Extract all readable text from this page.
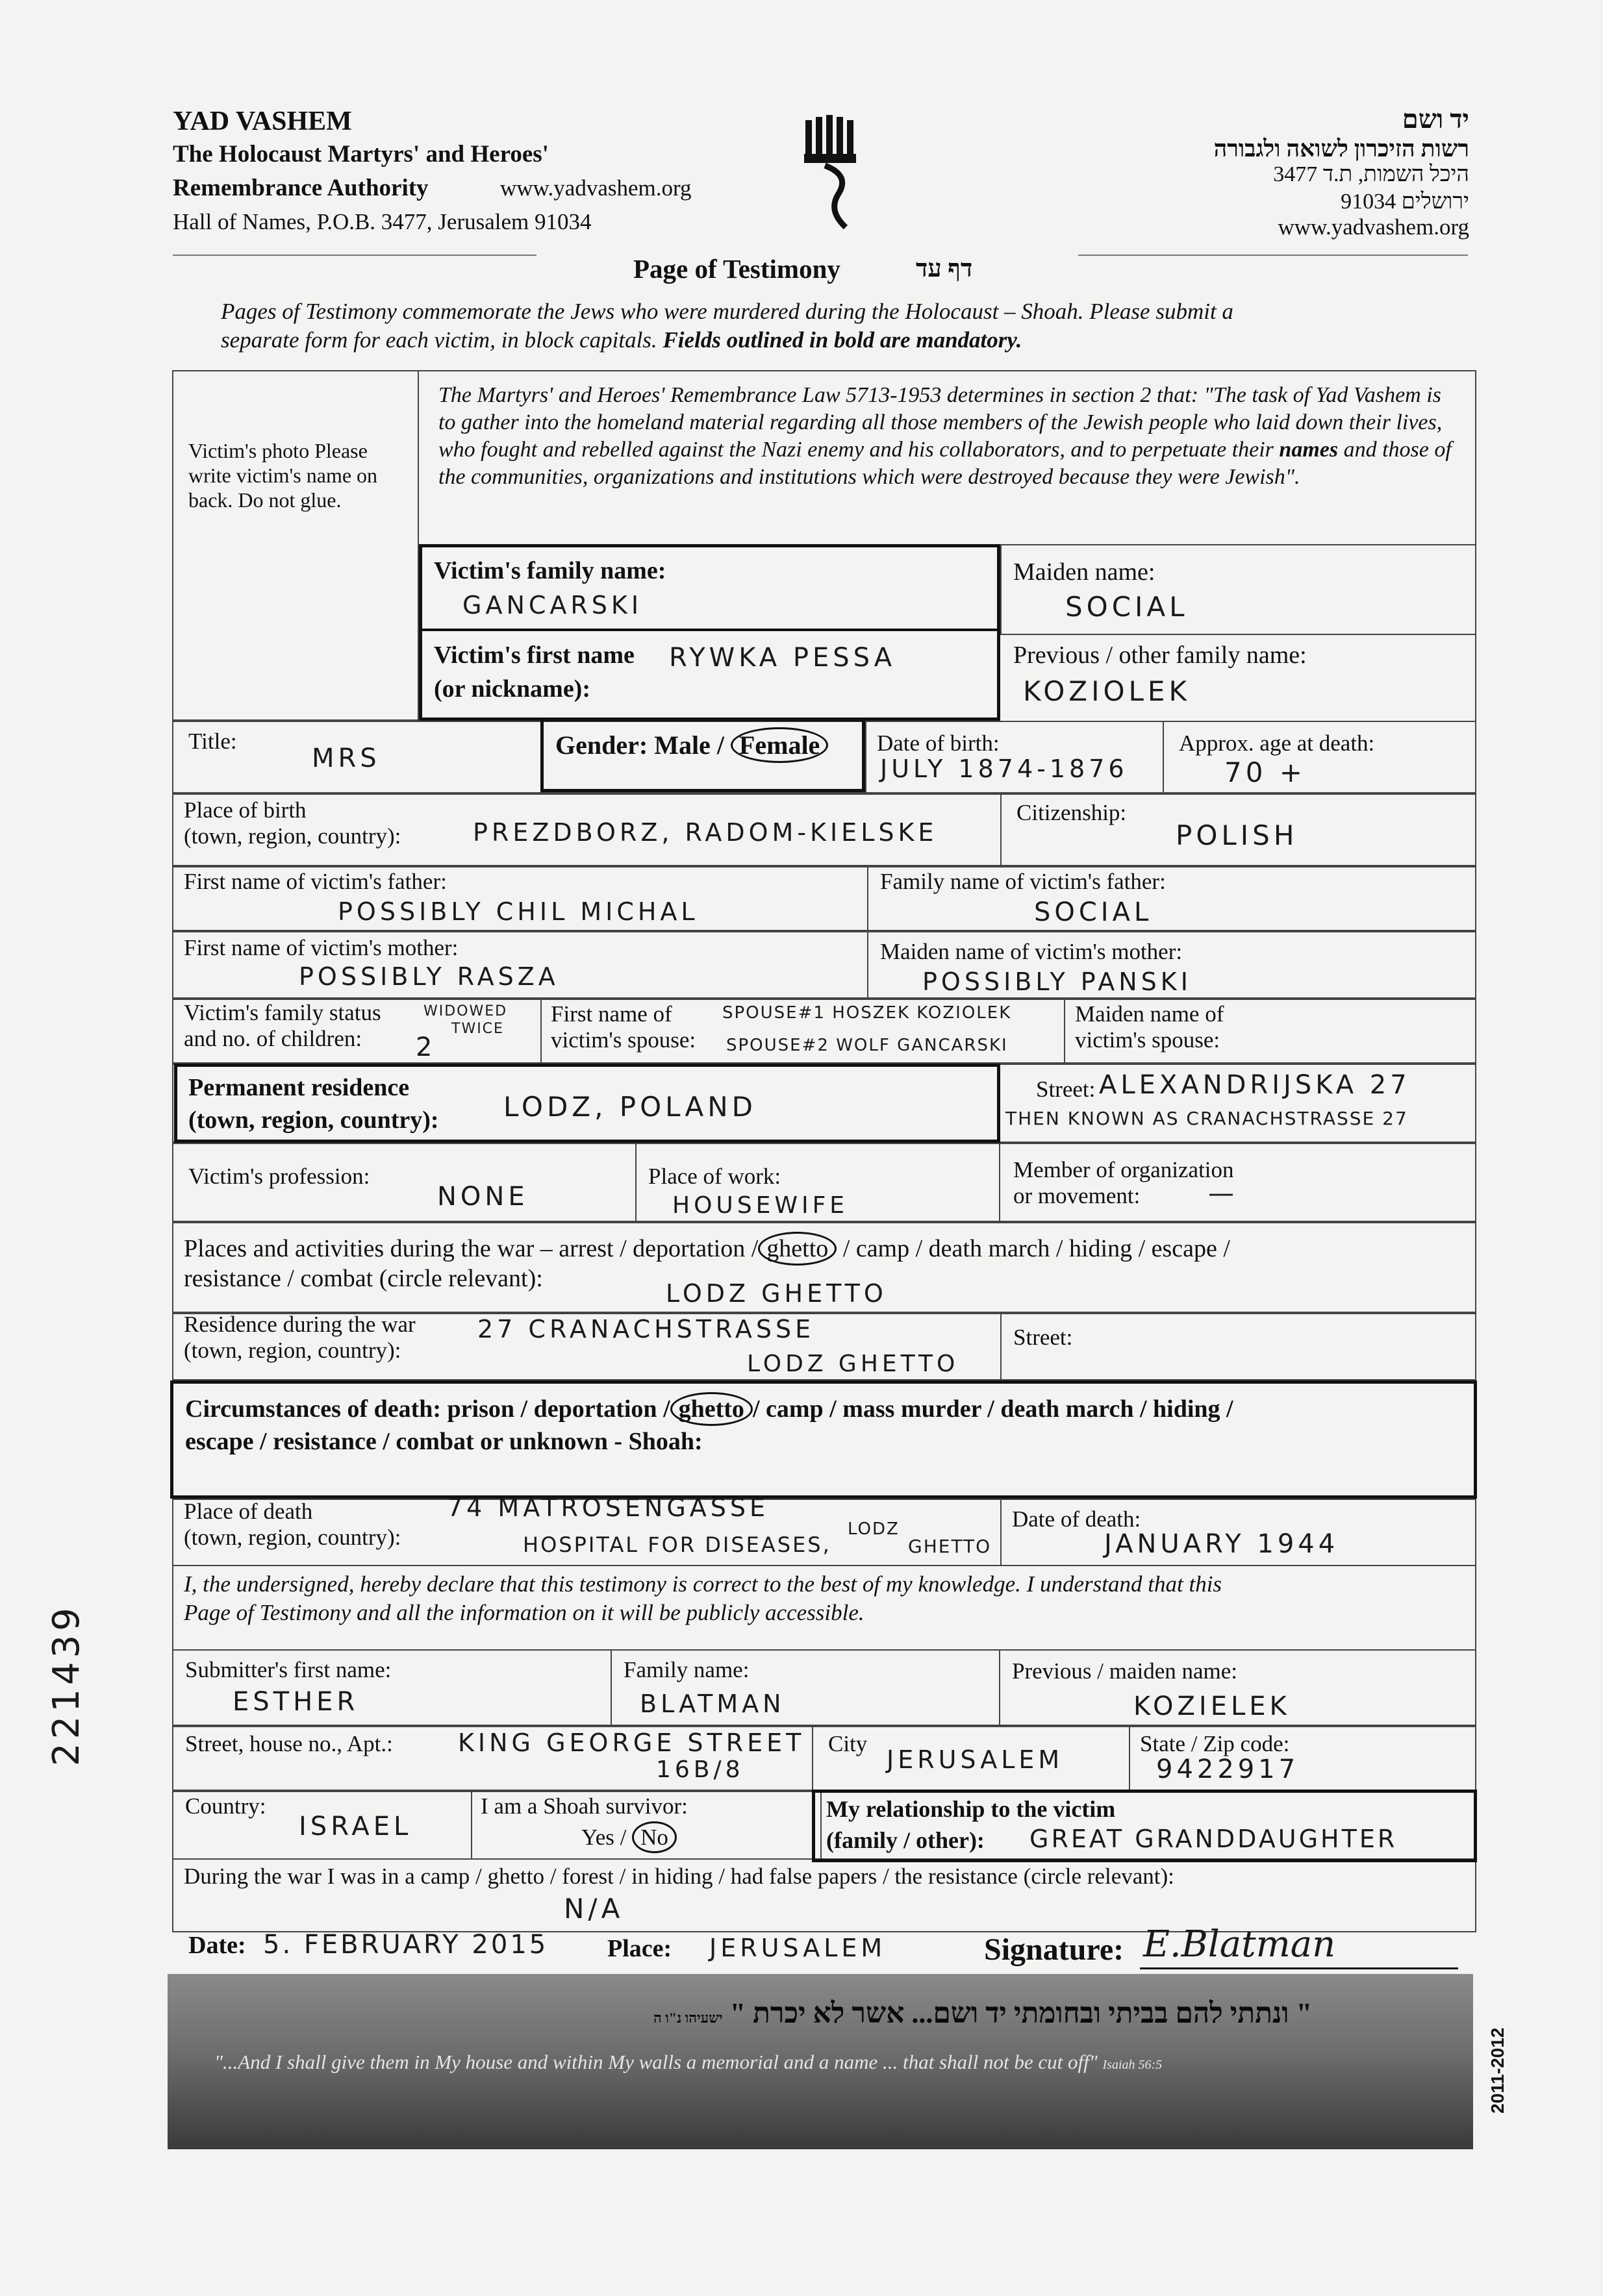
YAD VASHEM
The Holocaust Martyrs' and Heroes'
Remembrance Authority	www.yadvashem.org
Hall of Names, P.O.B. 3477, Jerusalem 91034
יד ושם
רשות הזיכרון לשואה ולגבורה
היכל השמות, ת.ד 3477
ירושלים 91034
www.yadvashem.org
Page of Testimony	דף עד
Pages of Testimony commemorate the Jews who were murdered during the Holocaust – Shoah. Please submit a
separate form for each victim, in block capitals. Fields outlined in bold are mandatory.
Victim's photo Please write victim's name on back. Do not glue.
The Martyrs' and Heroes' Remembrance Law 5713-1953 determines in section 2 that: "The task of Yad Vashem is to gather into the homeland material regarding all those members of the Jewish people who laid down their lives, who fought and rebelled against the Nazi enemy and his collaborators, and to perpetuate their names and those of the communities, organizations and institutions which were destroyed because they were Jewish".
Victim's family name:
GANCARSKI
Victim's first name
(or nickname):
RYWKA PESSA
Maiden name:
SOCIAL
Previous / other family name:
KOZIOLEK
Title:
MRS	Gender: Male / Female	Date of birth:
JULY 1874-1876
Approx. age at death:
70 +
Place of birth
(town, region, country):	PREZDBORZ, RADOM-KIELSKE
Citizenship:
POLISH
First name of victim's father:
POSSIBLY CHIL MICHAL
Family name of victim's father:
SOCIAL
First name of victim's mother:
POSSIBLY RASZA
Maiden name of victim's mother:
POSSIBLY PANSKI
Victim's family status
and no. of children:
WIDOWED
TWICE
2
First name of
victim's spouse:
SPOUSE#1 HOSZEK KOZIOLEK
SPOUSE#2 WOLF GANCARSKI
Maiden name of
victim's spouse:
Permanent residence
(town, region, country): LODZ, POLAND
Street: ALEXANDRIJSKA 27
THEN KNOWN AS CRANACHSTRASSE 27
Victim's profession:
NONE
Place of work:
HOUSEWIFE
Member of organization
or movement:	—
Places and activities during the war – arrest / deportation / ghetto / camp / death march / hiding / escape /
resistance / combat (circle relevant):
LODZ GHETTO
Residence during the war
(town, region, country):
27 CRANACHSTRASSE
LODZ GHETTO
Street:
Circumstances of death: prison / deportation / ghetto / camp / mass murder / death march / hiding /
escape / resistance / combat or unknown - Shoah:
Place of death
(town, region, country):
74 MATROSENGASSE
HOSPITAL FOR DISEASES,
LODZ
GHETTO
Date of death:
JANUARY 1944
I, the undersigned, hereby declare that this testimony is correct to the best of my knowledge. I understand that this
Page of Testimony and all the information on it will be publicly accessible.
Submitter's first name:
ESTHER
Family name:
BLATMAN
Previous / maiden name:
KOZIELEK
Street, house no., Apt.:	KING GEORGE STREET
16B/8
City
JERUSALEM
State / Zip code:
9422917
Country:
ISRAEL
I am a Shoah survivor:
Yes / No
My relationship to the victim
(family / other):	GREAT GRANDDAUGHTER
During the war I was in a camp / ghetto / forest / in hiding / had false papers / the resistance (circle relevant):
N/A
Date: 5. FEBRUARY 2015 Place: JERUSALEM	Signature: E.Blatman
221439
" ונתתי להם בביתי ובחומתי יד ושם... אשר לא יכרת " ישעיהו נ"ו ה
"...And I shall give them in My house and within My walls a memorial and a name ... that shall not be cut off" Isaiah 56:5	2011-2012
